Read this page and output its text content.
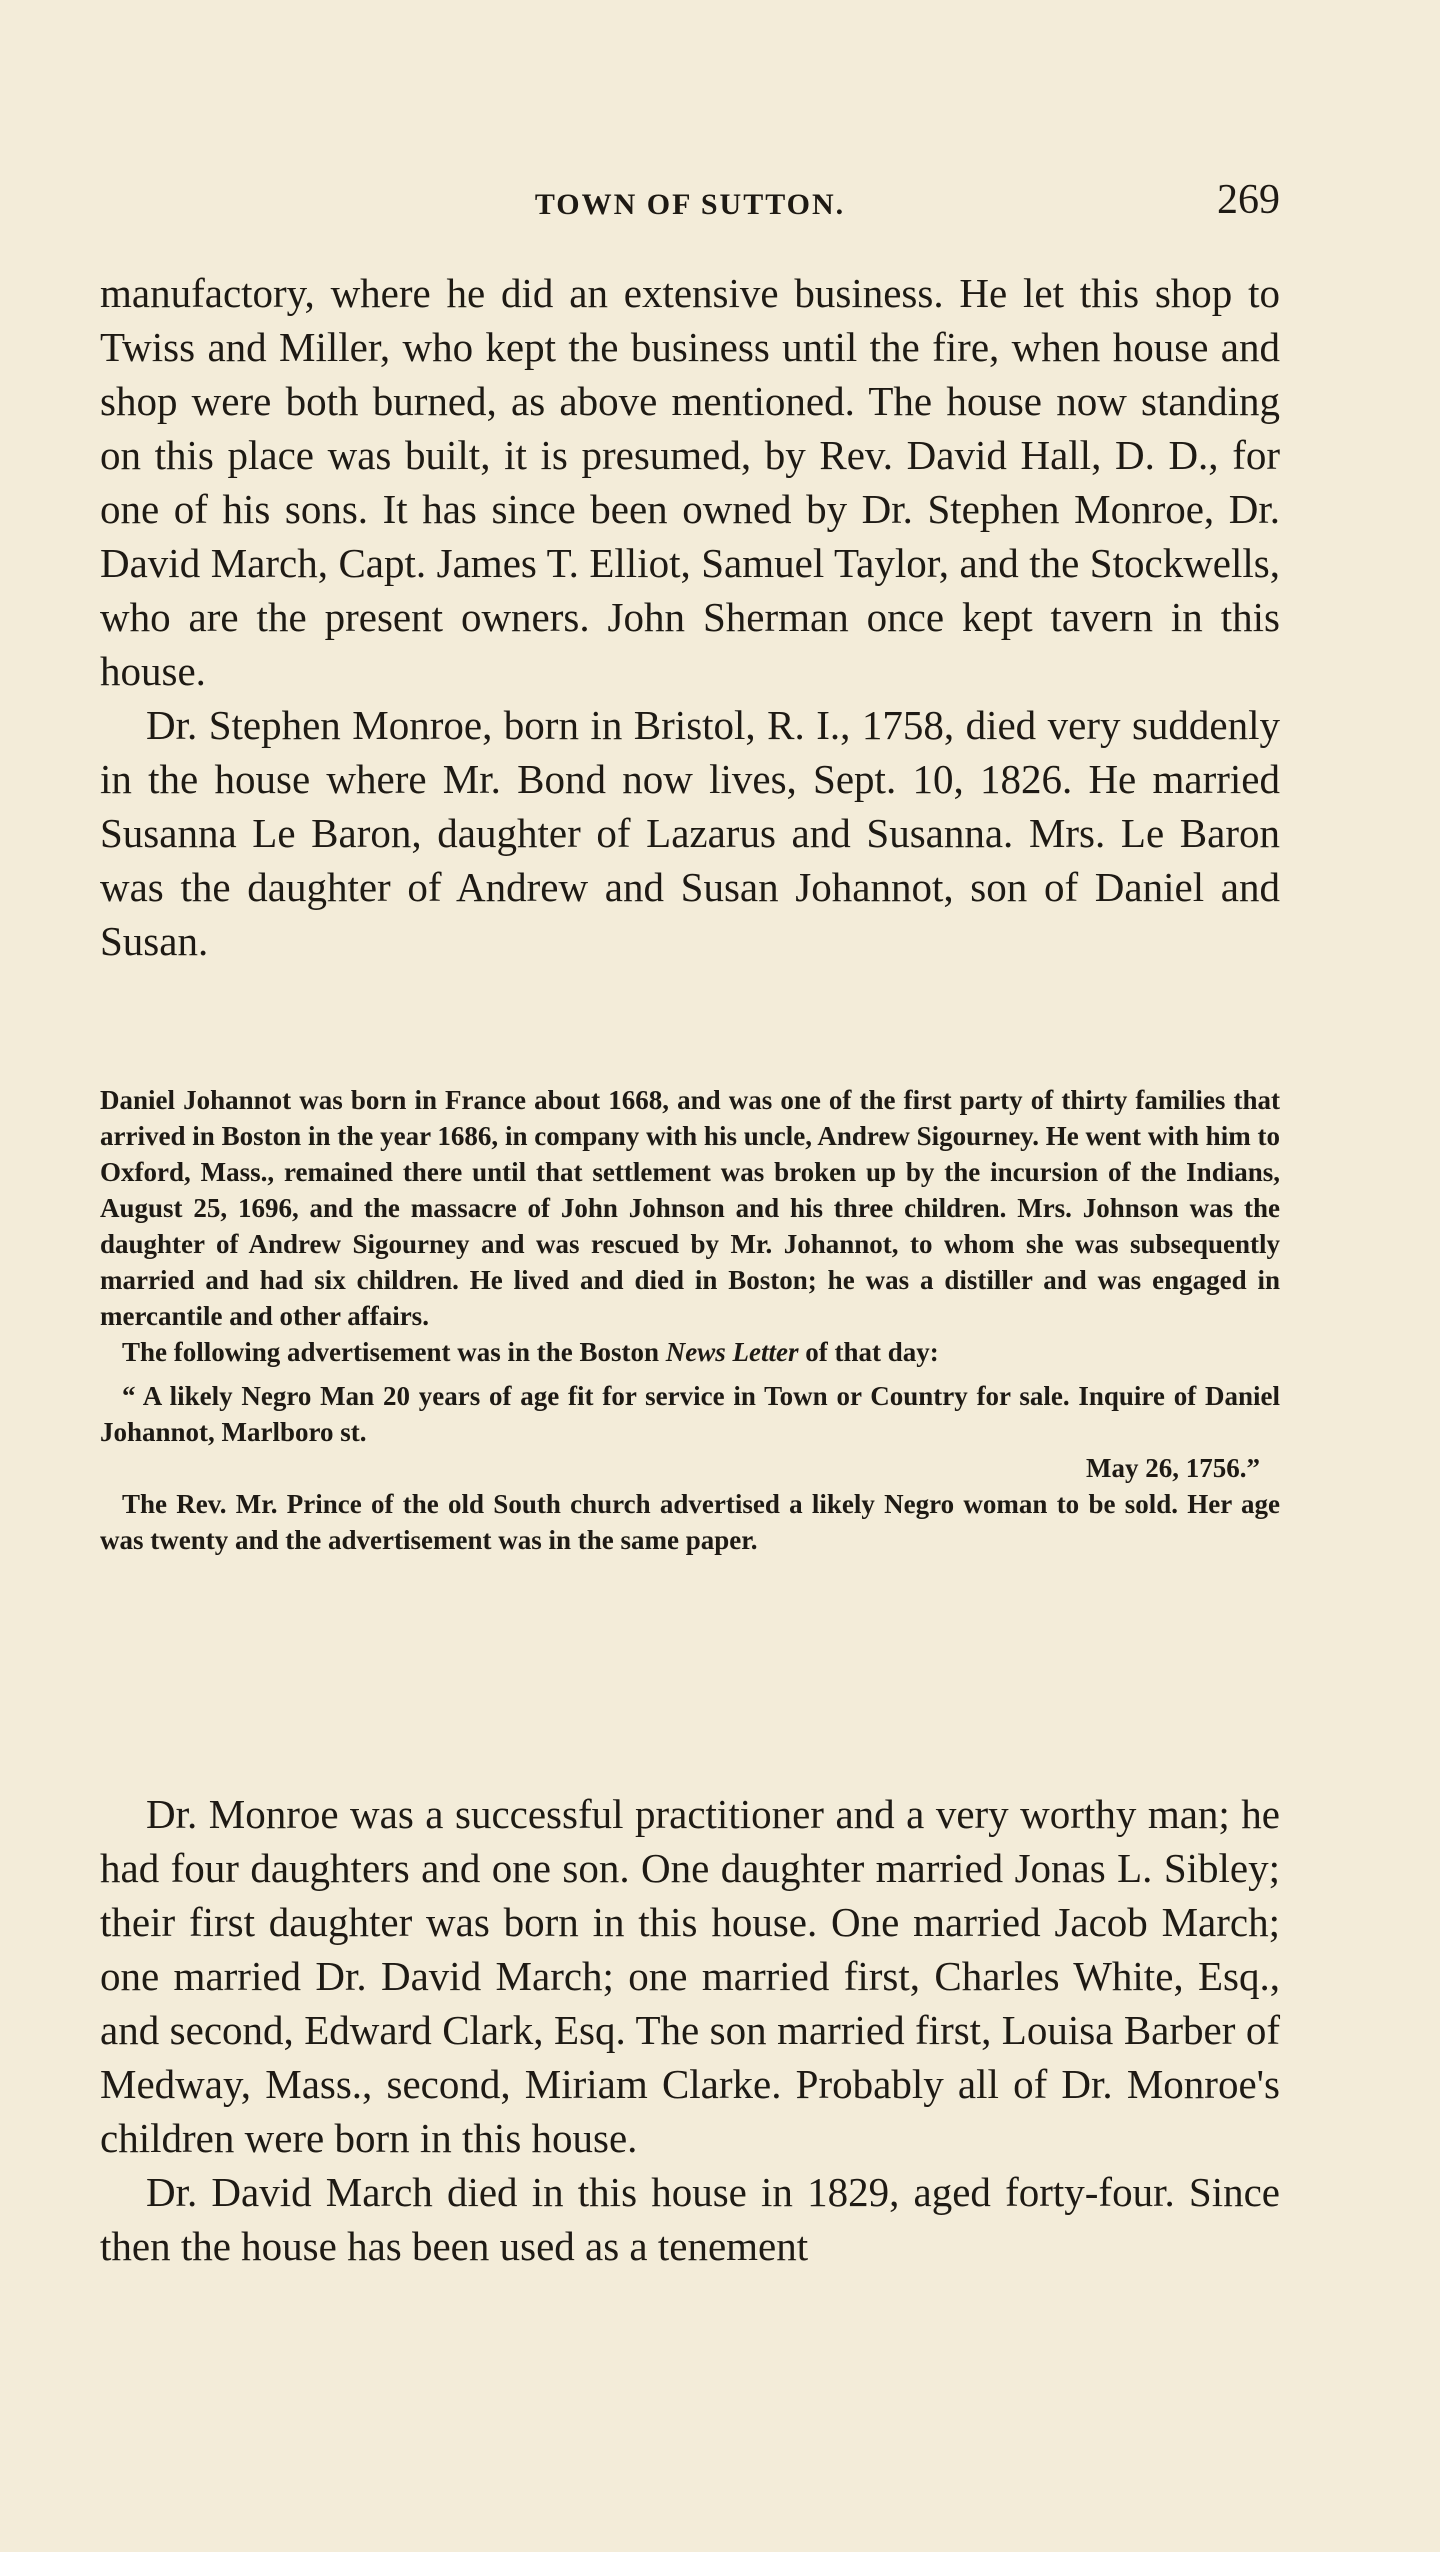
TOWN OF SUTTON.	269

manufactory, where he did an extensive business. He let this shop to Twiss and Miller, who kept the business until the fire, when house and shop were both burned, as above mentioned. The house now standing on this place was built, it is presumed, by Rev. David Hall, D. D., for one of his sons. It has since been owned by Dr. Stephen Monroe, Dr. David March, Capt. James T. Elliot, Samuel Taylor, and the Stockwells, who are the present owners. John Sherman once kept tavern in this house.

Dr. Stephen Monroe, born in Bristol, R. I., 1758, died very suddenly in the house where Mr. Bond now lives, Sept. 10, 1826. He married Susanna Le Baron, daughter of Lazarus and Susanna. Mrs. Le Baron was the daughter of Andrew and Susan Johannot, son of Daniel and Susan.

Daniel Johannot was born in France about 1668, and was one of the first party of thirty families that arrived in Boston in the year 1686, in company with his uncle, Andrew Sigourney. He went with him to Oxford, Mass., remained there until that settlement was broken up by the incursion of the Indians, August 25, 1696, and the massacre of John Johnson and his three children. Mrs. Johnson was the daughter of Andrew Sigourney and was rescued by Mr. Johannot, to whom she was subsequently married and had six children. He lived and died in Boston; he was a distiller and was engaged in mercantile and other affairs.

The following advertisement was in the Boston News Letter of that day:

“ A likely Negro Man 20 years of age fit for service in Town or Country for sale. Inquire of Daniel Johannot, Marlboro st.

May 26, 1756.”

The Rev. Mr. Prince of the old South church advertised a likely Negro woman to be sold. Her age was twenty and the advertisement was in the same paper.

Dr. Monroe was a successful practitioner and a very worthy man; he had four daughters and one son. One daughter married Jonas L. Sibley; their first daughter was born in this house. One married Jacob March; one married Dr. David March; one married first, Charles White, Esq., and second, Edward Clark, Esq. The son married first, Louisa Barber of Medway, Mass., second, Miriam Clarke. Probably all of Dr. Monroe's children were born in this house.

Dr. David March died in this house in 1829, aged forty-four. Since then the house has been used as a tenement
